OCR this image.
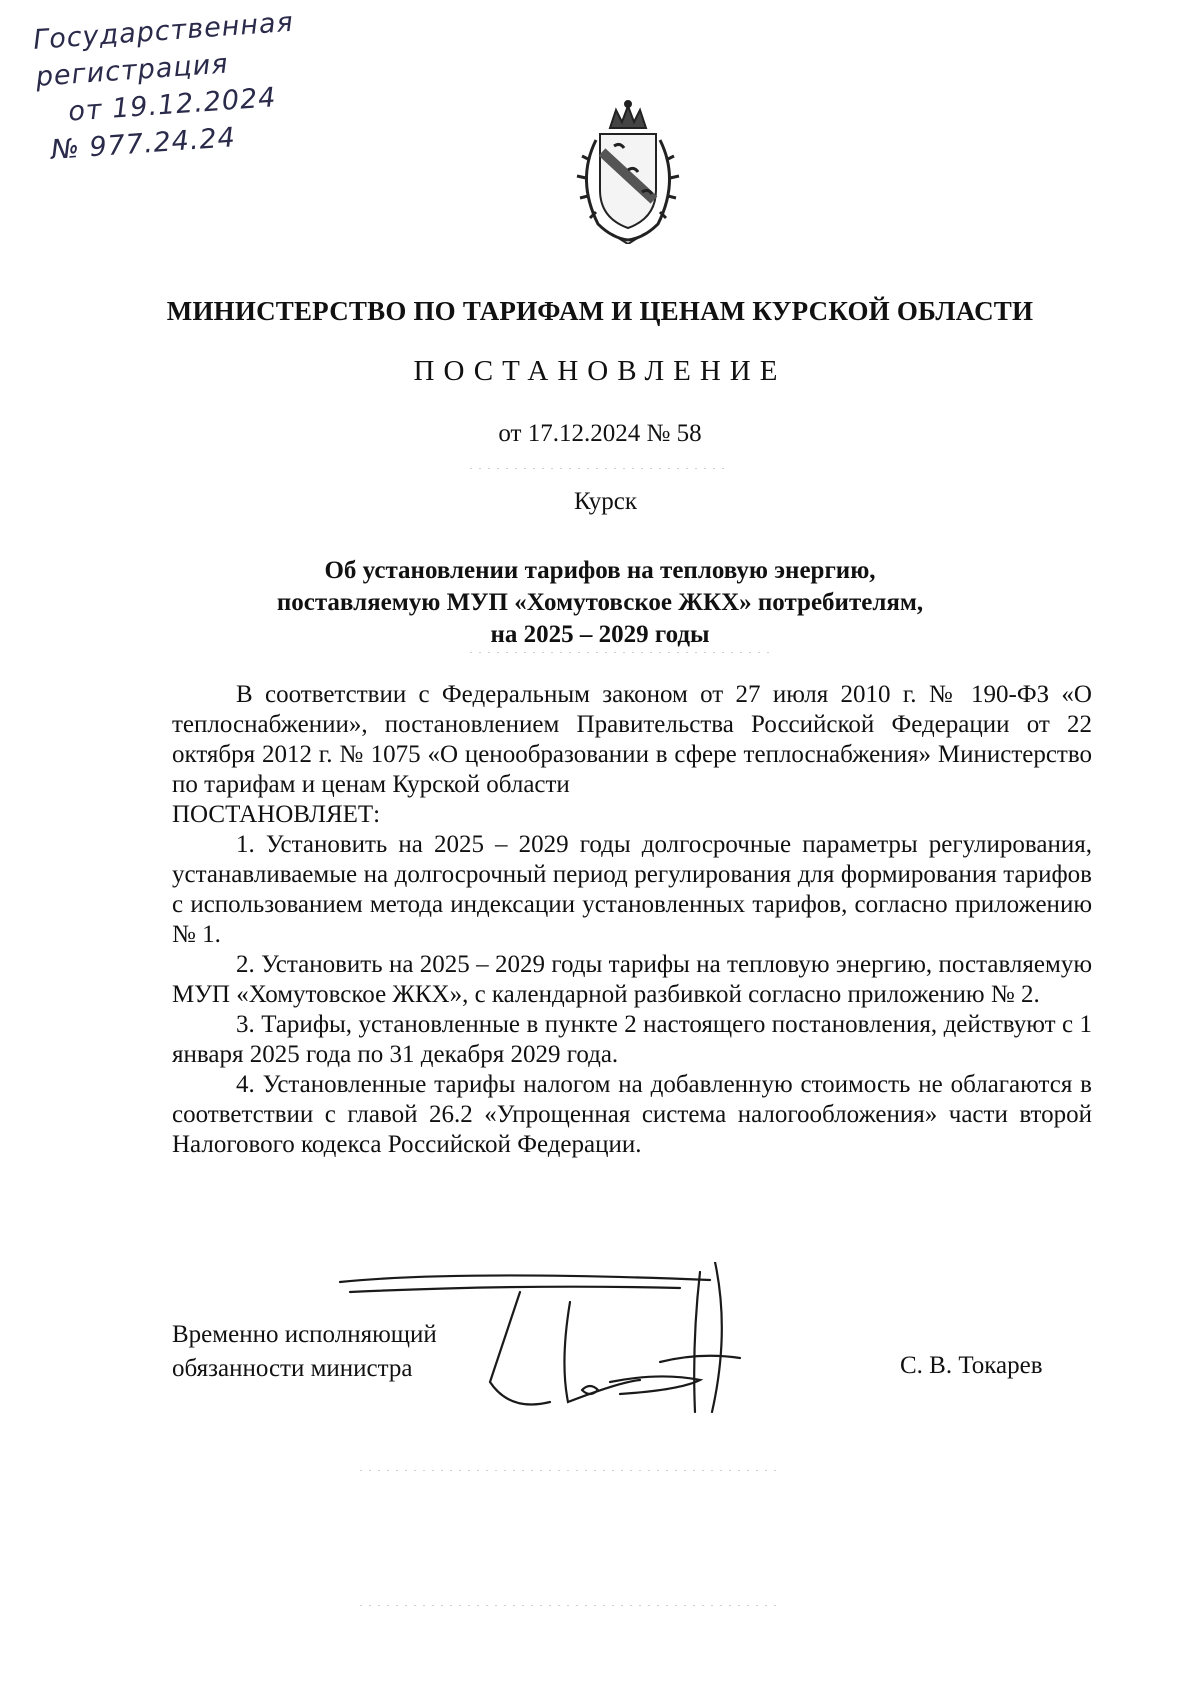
Государственная
регистрация
от 19.12.2024
№ 977.24.24
МИНИСТЕРСТВО ПО ТАРИФАМ И ЦЕНАМ КУРСКОЙ ОБЛАСТИ
ПОСТАНОВЛЕНИЕ
от 17.12.2024 № 58
Курск
Об установлении тарифов на тепловую энергию,
поставляемую МУП «Хомутовское ЖКХ» потребителям,
на 2025 – 2029 годы

В соответствии с Федеральным законом от 27 июля 2010 г. № 190-ФЗ «О теплоснабжении», постановлением Правительства Российской Федерации от 22 октября 2012 г. № 1075 «О ценообразовании в сфере теплоснабжения» Министерство по тарифам и ценам Курской области

ПОСТАНОВЛЯЕТ:

1. Установить на 2025 – 2029 годы долгосрочные параметры регулирования, устанавливаемые на долгосрочный период регулирования для формирования тарифов с использованием метода индексации установленных тарифов, согласно приложению № 1.

2. Установить на 2025 – 2029 годы тарифы на тепловую энергию, поставляемую МУП «Хомутовское ЖКХ», с календарной разбивкой согласно приложению № 2.

3. Тарифы, установленные в пункте 2 настоящего постановления, действуют с 1 января 2025 года по 31 декабря 2029 года.

4. Установленные тарифы налогом на добавленную стоимость не облагаются в соответствии с главой 26.2 «Упрощенная система налогообложения» части второй Налогового кодекса Российской Федерации.

Временно исполняющий
обязанности министра	С. В. Токарев
